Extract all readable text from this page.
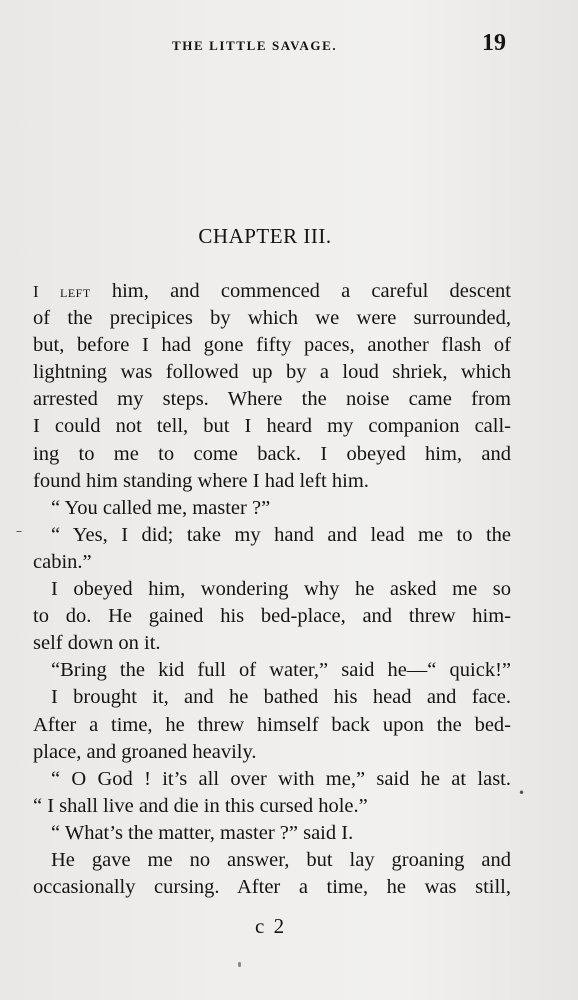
THE LITTLE SAVAGE.	19
CHAPTER III.
I left him, and commenced a careful descent
of the precipices by which we were surrounded,
but, before I had gone fifty paces, another flash of
lightning was followed up by a loud shriek, which
arrested my steps. Where the noise came from
I could not tell, but I heard my companion call-
ing to me to come back. I obeyed him, and
found him standing where I had left him.
“ You called me, master ?”
“ Yes, I did; take my hand and lead me to the
cabin.”
I obeyed him, wondering why he asked me so
to do. He gained his bed-place, and threw him-
self down on it.
“Bring the kid full of water,” said he—“ quick!”
I brought it, and he bathed his head and face.
After a time, he threw himself back upon the bed-
place, and groaned heavily.
“ O God ! it’s all over with me,” said he at last.
“ I shall live and die in this cursed hole.”
“ What’s the matter, master ?” said I.
He gave me no answer, but lay groaning and
occasionally cursing. After a time, he was still,
c 2
–
•
